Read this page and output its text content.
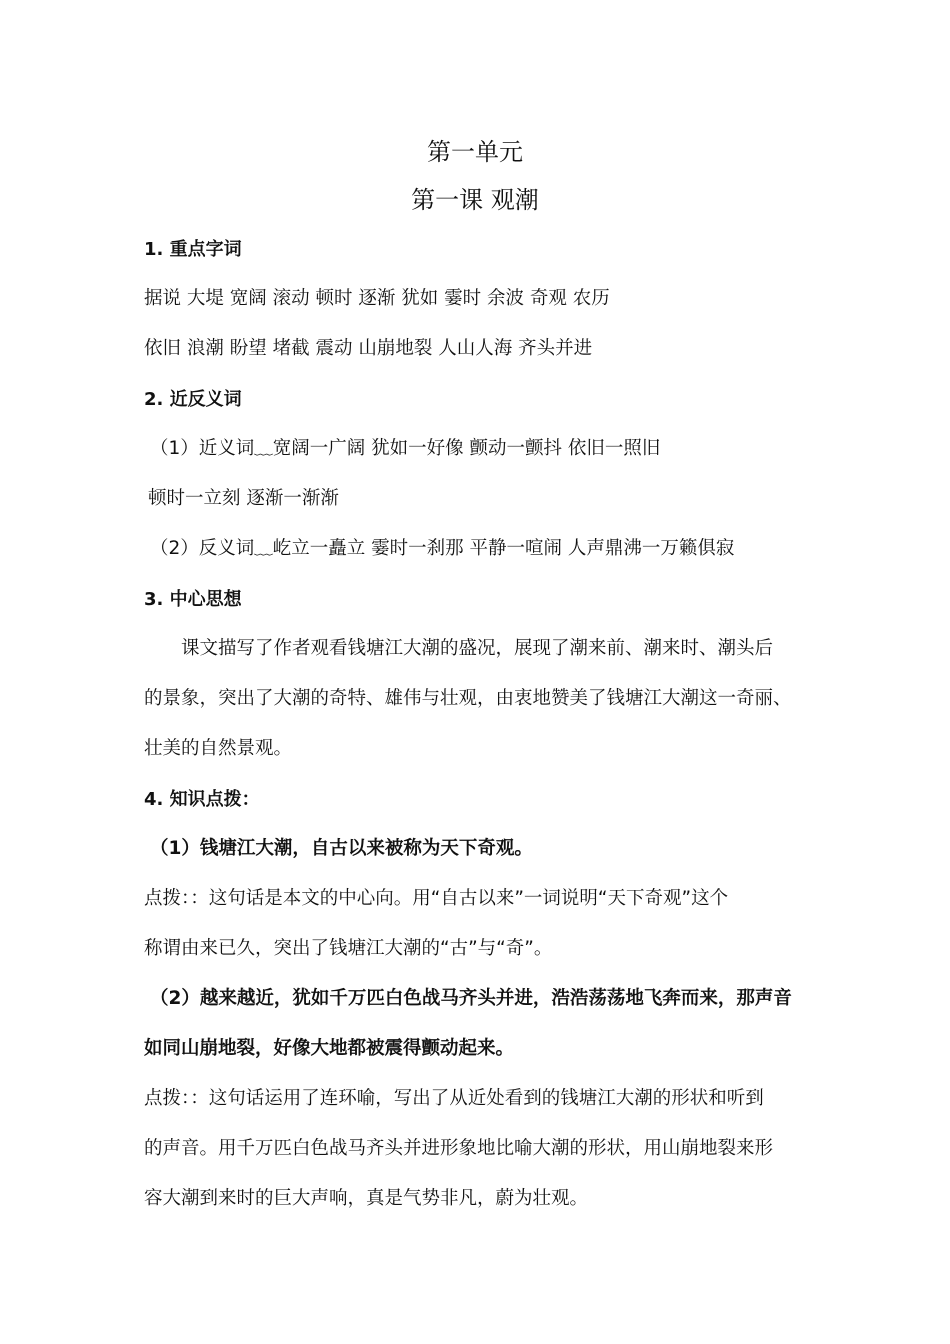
第一单元
第一课 观潮
1. 重点字词
据说 大堤 宽阔 滚动 顿时 逐渐 犹如 霎时 余波 奇观 农历
依旧 浪潮 盼望 堵截 震动 山崩地裂 人山人海 齐头并进
2. 近反义词
（1）近义词﹏宽阔一广阔 犹如一好像 颤动一颤抖 依旧一照旧
顿时一立刻 逐渐一渐渐
（2）反义词﹏屹立一矗立 霎时一刹那 平静一喧闹 人声鼎沸一万籁俱寂
3. 中心思想
课文描写了作者观看钱塘江大潮的盛况，展现了潮来前、潮来时、潮头后
的景象，突出了大潮的奇特、雄伟与壮观，由衷地赞美了钱塘江大潮这一奇丽、
壮美的自然景观。
4. 知识点拨：
（1）钱塘江大潮，自古以来被称为天下奇观。
点拨：：这句话是本文的中心向。用“自古以来”一词说明“天下奇观”这个
称谓由来已久，突出了钱塘江大潮的“古”与“奇”。
（2）越来越近，犹如千万匹白色战马齐头并进，浩浩荡荡地飞奔而来，那声音
如同山崩地裂，好像大地都被震得颤动起来。
点拨：：这句话运用了连环喻，写出了从近处看到的钱塘江大潮的形状和听到
的声音。用千万匹白色战马齐头并进形象地比喻大潮的形状，用山崩地裂来形
容大潮到来时的巨大声响，真是气势非凡，蔚为壮观。
